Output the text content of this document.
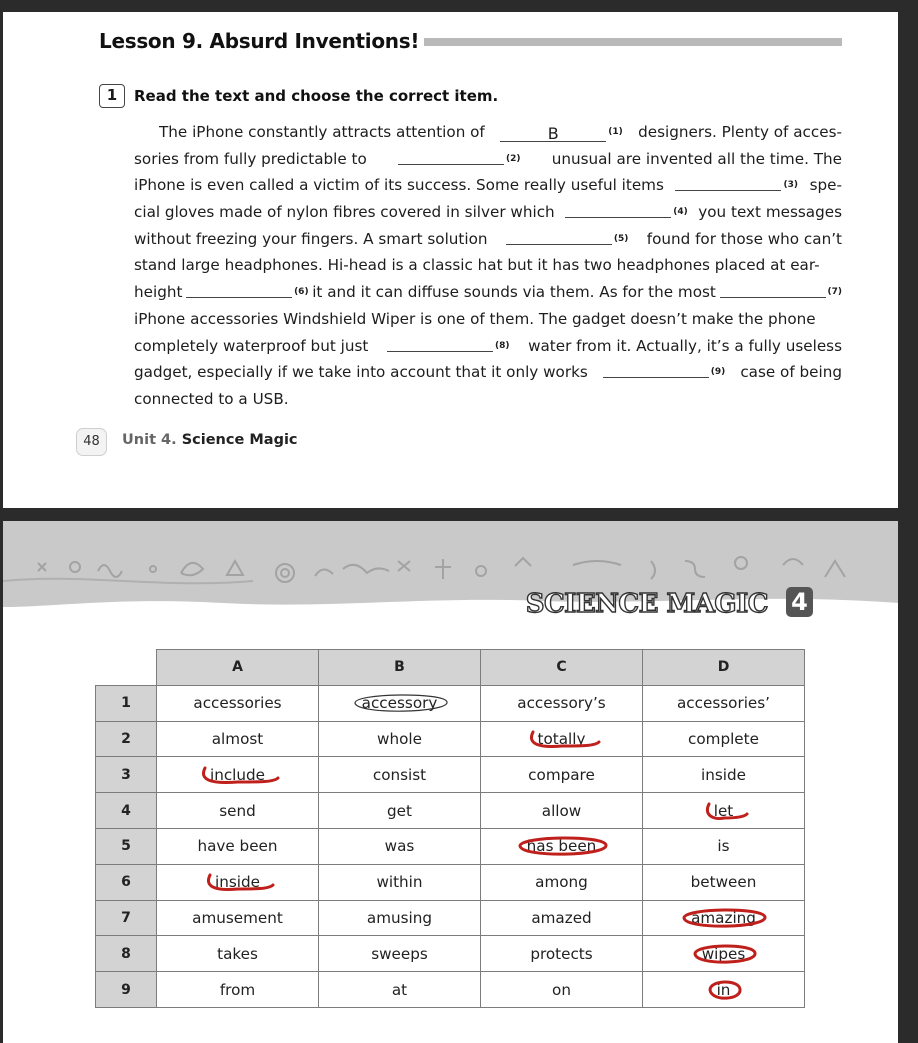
Lesson 9. Absurd Inventions!
1	Read the text and choose the correct item.
The iPhone constantly attracts attention of	B	$^{(1)}$ designers. Plenty of acces-
sories from fully predictable to	$^{(2)}$ unusual are invented all the time. The
iPhone is even called a victim of its success. Some really useful items	$^{(3)}$ spe-
cial gloves made of nylon fibres covered in silver which	$^{(4)}$ you text messages
without freezing your fingers. A smart solution	$^{(5)}$ found for those who can’t
stand large headphones. Hi-head is a classic hat but it has two headphones placed at ear-
height	$^{(6)}$ it and it can diffuse sounds via them. As for the most	$^{(7)}$
iPhone accessories Windshield Wiper is one of them. The gadget doesn’t make the phone
completely waterproof but just	$^{(8)}$ water from it. Actually, it’s a fully useless
gadget, especially if we take into account that it only works	$^{(9)}$ case of being
connected to a USB.
48	Unit 4. Science Magic
SCIENCE MAGIC 4
	A	B	C	D
1	accessories	accessory	accessory’s	accessories’
2	almost	whole	totally	complete
3	include	consist	compare	inside
4	send	get	allow	let

5	have been	was	has been	is
6	inside	within	among	between
7	amusement	amusing	amazed	amazing

8	takes	sweeps	protects	wipes

9	from	at	on	in
